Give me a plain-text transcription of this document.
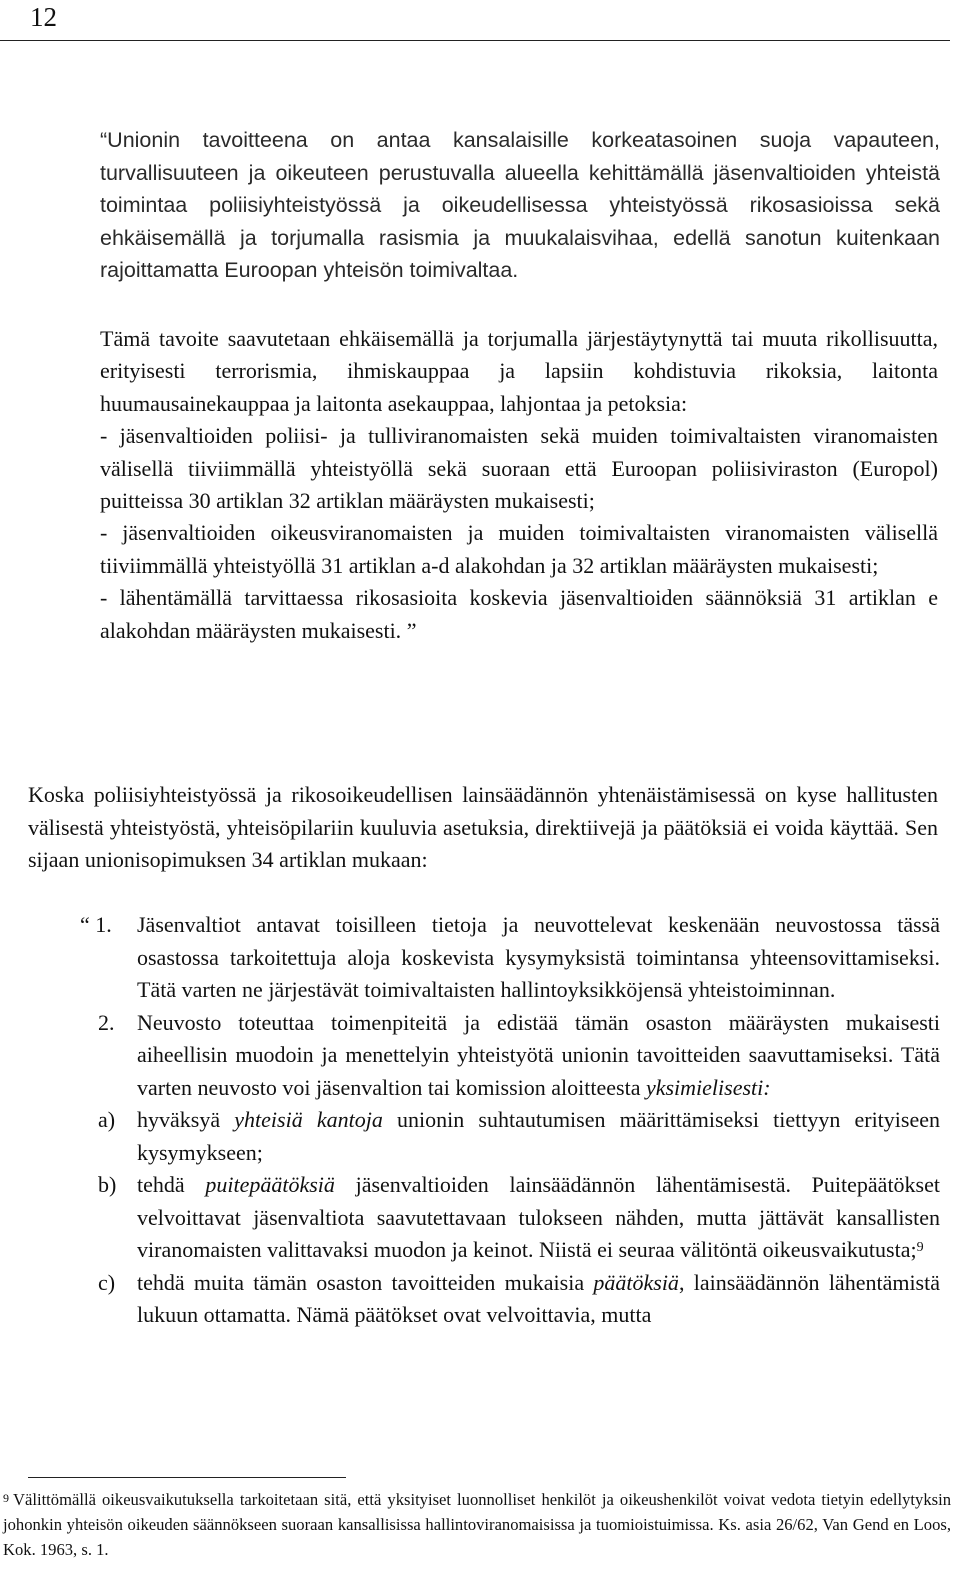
12
“Unionin tavoitteena on antaa kansalaisille korkeatasoinen suoja vapauteen, turvallisuuteen ja oikeuteen perustuvalla alueella kehittämällä jäsenvaltioiden yhteistä toimintaa poliisiyhteistyössä ja oikeudellisessa yhteistyössä rikosasioissa sekä ehkäisemällä ja torjumalla rasismia ja muukalaisvihaa, edellä sanotun kuitenkaan rajoittamatta Euroopan yhteisön toimivaltaa.

Tämä tavoite saavutetaan ehkäisemällä ja torjumalla järjestäytynyttä tai muuta rikollisuutta, erityisesti terrorismia, ihmiskauppaa ja lapsiin kohdistuvia rikoksia, laitonta huumausainekauppaa ja laitonta asekauppaa, lahjontaa ja petoksia:

- jäsenvaltioiden poliisi- ja tulliviranomaisten sekä muiden toimivaltaisten viranomaisten välisellä tiiviimmällä yhteistyöllä sekä suoraan että Euroopan poliisiviraston (Europol) puitteissa 30 artiklan 32 artiklan määräysten mukaisesti;

- jäsenvaltioiden oikeusviranomaisten ja muiden toimivaltaisten viranomaisten välisellä tiiviimmällä yhteistyöllä 31 artiklan a-d alakohdan ja 32 artiklan määräysten mukaisesti;

- lähentämällä tarvittaessa rikosasioita koskevia jäsenvaltioiden säännöksiä 31 artiklan e alakohdan määräysten mukaisesti. ”

Koska poliisiyhteistyössä ja rikosoikeudellisen lainsäädännön yhtenäistämisessä on kyse hallitusten välisestä yhteistyöstä, yhteisöpilariin kuuluvia asetuksia, direktiivejä ja päätöksiä ei voida käyttää. Sen sijaan unionisopimuksen 34 artiklan mukaan:
“ 1.	Jäsenvaltiot antavat toisilleen tietoja ja neuvottelevat keskenään neuvostossa tässä osastossa tarkoitettuja aloja koskevista kysymyksistä toimintansa yhteensovittamiseksi. Tätä varten ne järjestävät toimivaltaisten hallintoyksikköjensä yhteistoiminnan.
2.	Neuvosto toteuttaa toimenpiteitä ja edistää tämän osaston määräysten mukaisesti aiheellisin muodoin ja menettelyin yhteistyötä unionin tavoitteiden saavuttamiseksi. Tätä varten neuvosto voi jäsenvaltion tai komission aloitteesta yksimielisesti:
a) hyväksyä yhteisiä kantoja unionin suhtautumisen määrittämiseksi tiettyyn erityiseen kysymykseen;
b) tehdä puitepäätöksiä jäsenvaltioiden lainsäädännön lähentämisestä. Puitepäätökset velvoittavat jäsenvaltiota saavutettavaan tulokseen nähden, mutta jättävät kansallisten viranomaisten valittavaksi muodon ja keinot. Niistä ei seuraa välitöntä oikeusvaikutusta;$^9$
c) tehdä muita tämän osaston tavoitteiden mukaisia päätöksiä, lainsäädännön lähentämistä lukuun ottamatta. Nämä päätökset ovat velvoittavia, mutta
$^9$ Välittömällä oikeusvaikutuksella tarkoitetaan sitä, että yksityiset luonnolliset henkilöt ja oikeushenkilöt voivat vedota tietyin edellytyksin johonkin yhteisön oikeuden säännökseen suoraan kansallisissa hallintoviranomaisissa ja tuomioistuimissa. Ks. asia 26/62, Van Gend en Loos, Kok. 1963, s. 1.
